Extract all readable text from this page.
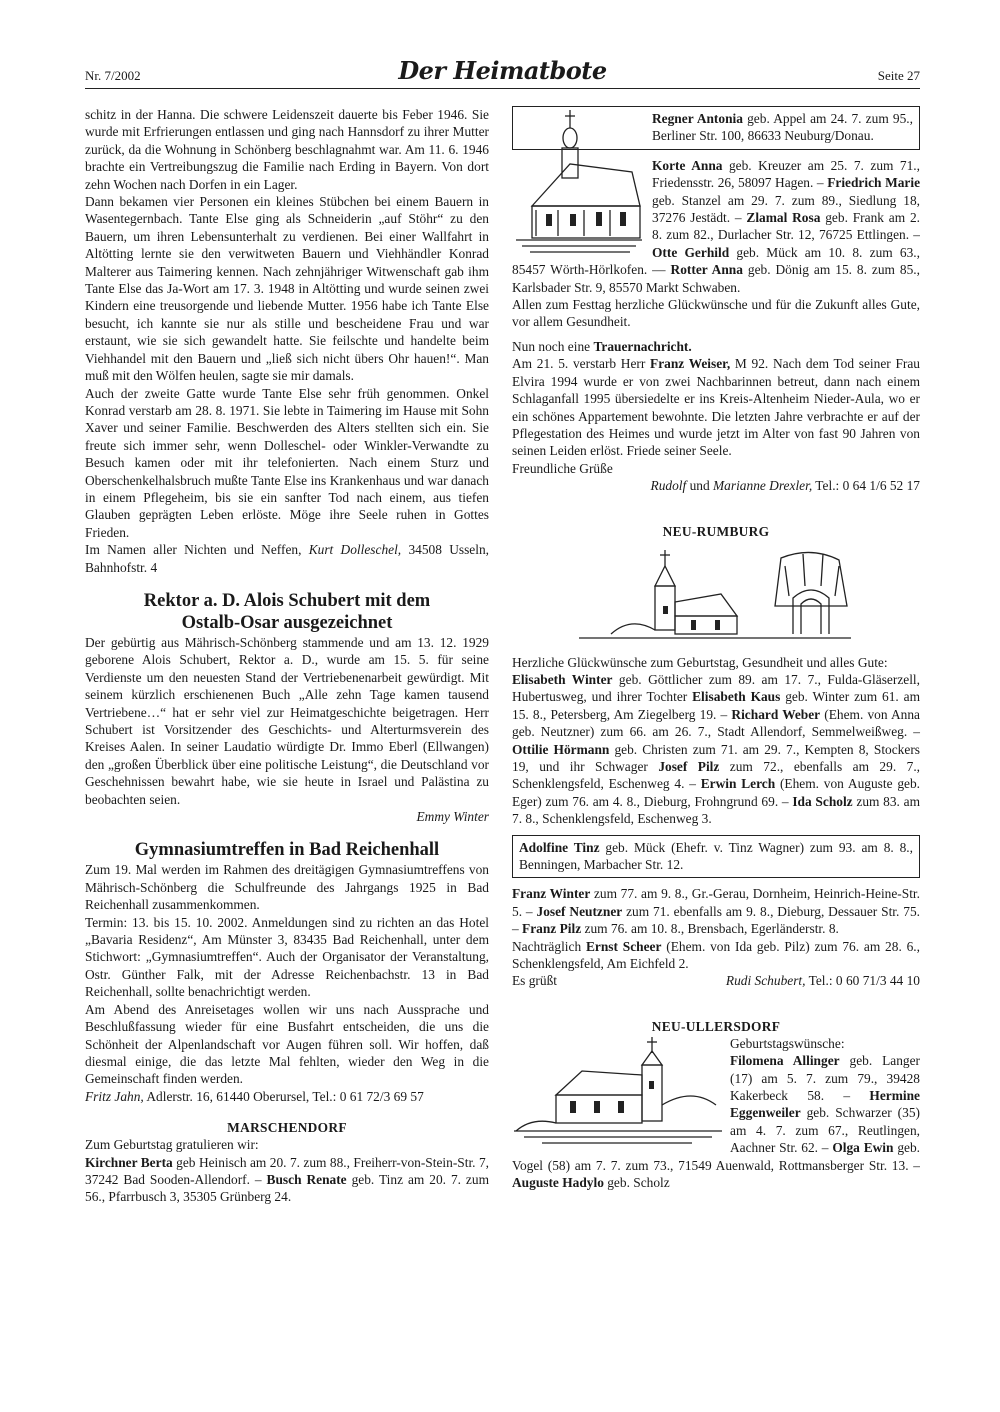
Nr. 7/2002	Der Heimatbote	Seite 27

schitz in der Hanna. Die schwere Leidenszeit dauerte bis Feber 1946. Sie wurde mit Erfrierungen entlassen und ging nach Hannsdorf zu ihrer Mutter zurück, da die Wohnung in Schönberg beschlagnahmt war. Am 11. 6. 1946 brachte ein Vertreibungszug die Familie nach Erding in Bayern. Von dort zehn Wochen nach Dorfen in ein Lager.

Dann bekamen vier Personen ein kleines Stübchen bei einem Bauern in Wasentegernbach. Tante Else ging als Schneiderin „auf Stöhr“ zu den Bauern, um ihren Lebensunterhalt zu verdienen. Bei einer Wallfahrt in Altötting lernte sie den verwitweten Bauern und Viehhändler Konrad Malterer aus Taimering kennen. Nach zehnjähriger Witwenschaft gab ihm Tante Else das Ja-Wort am 17. 3. 1948 in Altötting und wurde seinen zwei Kindern eine treusorgende und liebende Mutter. 1956 habe ich Tante Else besucht, ich kannte sie nur als stille und bescheidene Frau und war erstaunt, wie sie sich gewandelt hatte. Sie feilschte und handelte beim Viehhandel mit den Bauern und „ließ sich nicht übers Ohr hauen!“. Man muß mit den Wölfen heulen, sagte sie mir damals.

Auch der zweite Gatte wurde Tante Else sehr früh genommen. Onkel Konrad verstarb am 28. 8. 1971. Sie lebte in Taimering im Hause mit Sohn Xaver und seiner Familie. Beschwerden des Alters stellten sich ein. Sie freute sich immer sehr, wenn Dolleschel- oder Winkler-Verwandte zu Besuch kamen oder mit ihr telefonierten. Nach einem Sturz und Oberschenkelhalsbruch mußte Tante Else ins Krankenhaus und war danach in einem Pflegeheim, bis sie ein sanfter Tod nach einem, aus tiefen Glauben geprägten Leben erlöste. Möge ihre Seele ruhen in Gottes Frieden.

Im Namen aller Nichten und Neffen, Kurt Dolleschel, 34508 Usseln, Bahnhofstr. 4

Rektor a. D. Alois Schubert mit dem
Ostalb-Osar ausgezeichnet

Der gebürtig aus Mährisch-Schönberg stammende und am 13. 12. 1929 geborene Alois Schubert, Rektor a. D., wurde am 15. 5. für seine Verdienste um den neuesten Stand der Vertriebenenarbeit gewürdigt. Mit seinem kürzlich erschienenen Buch „Alle zehn Tage kamen tausend Vertriebene…“ hat er sehr viel zur Heimatgeschichte beigetragen. Herr Schubert ist Vorsitzender des Geschichts- und Alterturmsverein des Kreises Aalen. In seiner Laudatio würdigte Dr. Immo Eberl (Ellwangen) den „großen Überblick über eine politische Leistung“, die Deutschland vor Geschehnissen bewahrt habe, wie sie heute in Israel und Palästina zu beobachten seien.

Emmy Winter

Gymnasiumtreffen in Bad Reichenhall

Zum 19. Mal werden im Rahmen des dreitägigen Gymnasiumtreffens von Mährisch-Schönberg die Schulfreunde des Jahrgangs 1925 in Bad Reichenhall zusammenkommen.

Termin: 13. bis 15. 10. 2002. Anmeldungen sind zu richten an das Hotel „Bavaria Residenz“, Am Münster 3, 83435 Bad Reichenhall, unter dem Stichwort: „Gymnasiumtreffen“. Auch der Organisator der Veranstaltung, Ostr. Günther Falk, mit der Adresse Reichenbachstr. 13 in Bad Reichenhall, sollte benachrichtigt werden.

Am Abend des Anreisetages wollen wir uns nach Aussprache und Beschlußfassung wieder für eine Busfahrt entscheiden, die uns die Schönheit der Alpenlandschaft vor Augen führen soll. Wir hoffen, daß diesmal einige, die das letzte Mal fehlten, wieder den Weg in die Gemeinschaft finden werden.

Fritz Jahn, Adlerstr. 16, 61440 Oberursel, Tel.: 0 61 72/3 69 57

MARSCHENDORF

Zum Geburtstag gratulieren wir:

Kirchner Berta geb Heinisch am 20. 7. zum 88., Freiherr-von-Stein-Str. 7, 37242 Bad Sooden-Allendorf. – Busch Renate geb. Tinz am 20. 7. zum 56., Pfarrbusch 3, 35305 Grünberg 24.

Regner Antonia geb. Appel am 24. 7. zum 95., Berliner Str. 100, 86633 Neuburg/Donau.

Korte Anna geb. Kreuzer am 25. 7. zum 71., Friedensstr. 26, 58097 Hagen. – Friedrich Marie geb. Stanzel am 29. 7. zum 89., Siedlung 18, 37276 Jestädt. – Zlamal Rosa geb. Frank am 2. 8. zum 82., Durlacher Str. 12, 76725 Ettlingen. – Otte Gerhild geb. Mück am 10. 8. zum 63., 85457 Wörth-Hörlkofen. — Rotter Anna geb. Dönig am 15. 8. zum 85., Karlsbader Str. 9, 85570 Markt Schwaben.

Allen zum Festtag herzliche Glückwünsche und für die Zukunft alles Gute, vor allem Gesundheit.

Nun noch eine Trauernachricht.

Am 21. 5. verstarb Herr Franz Weiser, M 92. Nach dem Tod seiner Frau Elvira 1994 wurde er von zwei Nachbarinnen betreut, dann nach einem Schlaganfall 1995 übersiedelte er ins Kreis-Altenheim Nieder-Aula, wo er ein schönes Appartement bewohnte. Die letzten Jahre verbrachte er auf der Pflegestation des Heimes und wurde jetzt im Alter von fast 90 Jahren von seinen Leiden erlöst. Friede seiner Seele.

Freundliche Grüße

Rudolf und Marianne Drexler, Tel.: 0 64 1/6 52 17

NEU-RUMBURG

Herzliche Glückwünsche zum Geburtstag, Gesundheit und alles Gute:

Elisabeth Winter geb. Göttlicher zum 89. am 17. 7., Fulda-Gläserzell, Hubertusweg, und ihrer Tochter Elisabeth Kaus geb. Winter zum 61. am 15. 8., Petersberg, Am Ziegelberg 19. – Richard Weber (Ehem. von Anna geb. Neutzner) zum 66. am 26. 7., Stadt Allendorf, Semmelweißweg. – Ottilie Hörmann geb. Christen zum 71. am 29. 7., Kempten 8, Stockers 19, und ihr Schwager Josef Pilz zum 72., ebenfalls am 29. 7., Schenklengsfeld, Eschenweg 4. – Erwin Lerch (Ehem. von Auguste geb. Eger) zum 76. am 4. 8., Dieburg, Frohngrund 69. – Ida Scholz zum 83. am 7. 8., Schenklengsfeld, Eschenweg 3.

Adolfine Tinz geb. Mück (Ehefr. v. Tinz Wagner) zum 93. am 8. 8., Benningen, Marbacher Str. 12.

Franz Winter zum 77. am 9. 8., Gr.-Gerau, Dornheim, Heinrich-Heine-Str. 5. – Josef Neutzner zum 71. ebenfalls am 9. 8., Dieburg, Dessauer Str. 75. – Franz Pilz zum 76. am 10. 8., Brensbach, Egerländerstr. 8.

Nachträglich Ernst Scheer (Ehem. von Ida geb. Pilz) zum 76. am 28. 6., Schenklengsfeld, Am Eichfeld 2.

Es grüßt	Rudi Schubert, Tel.: 0 60 71/3 44 10
NEU-ULLERSDORF

Geburtstagswünsche:

Filomena Allinger geb. Langer (17) am 5. 7. zum 79., 39428 Kakerbeck 58. – Hermine Eggenweiler geb. Schwarzer (35) am 4. 7. zum 67., Reutlingen, Aachner Str. 62. – Olga Ewin geb. Vogel (58) am 7. 7. zum 73., 71549 Auenwald, Rottmansberger Str. 13. – Auguste Hadylo geb. Scholz
